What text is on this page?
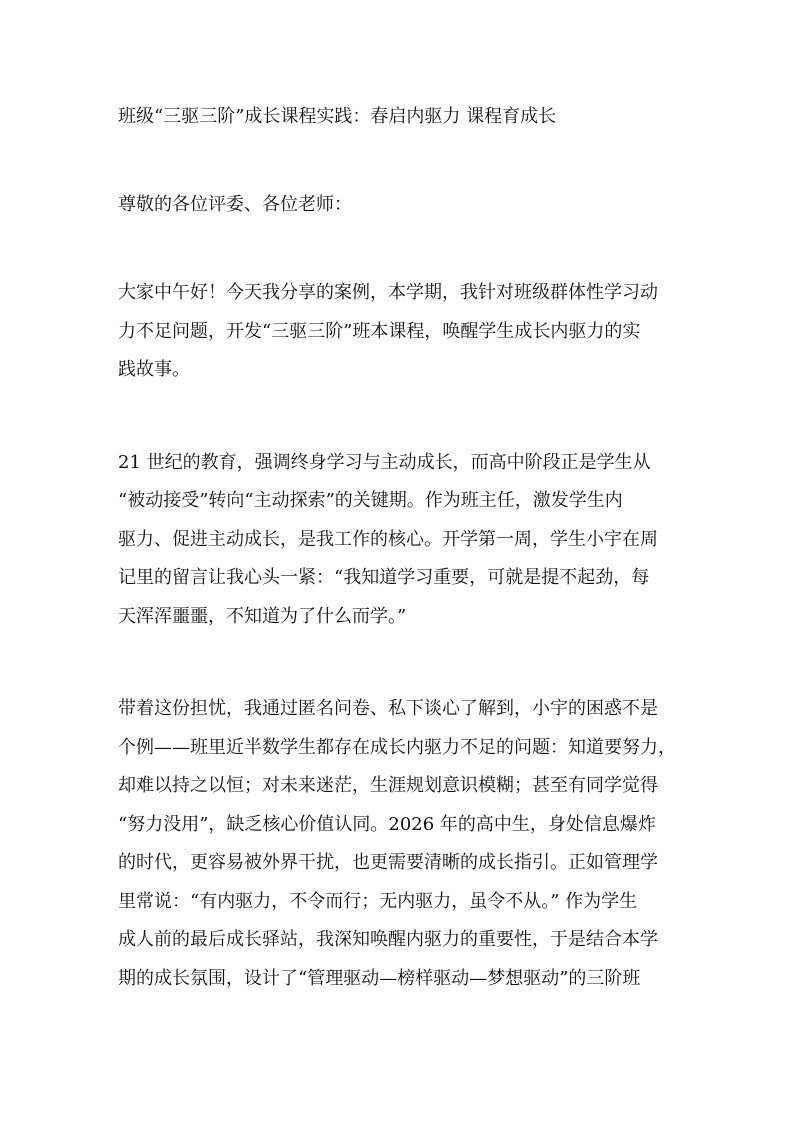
班级“三驱三阶”成长课程实践：春启内驱力 课程育成长

尊敬的各位评委、各位老师：

大家中午好！今天我分享的案例，本学期，我针对班级群体性学习动
力不足问题，开发“三驱三阶”班本课程，唤醒学生成长内驱力的实
践故事。
21 世纪的教育，强调终身学习与主动成长，而高中阶段正是学生从
“被动接受”转向“主动探索”的关键期。作为班主任，激发学生内
驱力、促进主动成长，是我工作的核心。开学第一周，学生小宇在周
记里的留言让我心头一紧：“我知道学习重要，可就是提不起劲，每
天浑浑噩噩，不知道为了什么而学。”
带着这份担忧，我通过匿名问卷、私下谈心了解到，小宇的困惑不是
个例——班里近半数学生都存在成长内驱力不足的问题：知道要努力，
却难以持之以恒；对未来迷茫，生涯规划意识模糊；甚至有同学觉得
“努力没用”，缺乏核心价值认同。2026 年的高中生，身处信息爆炸
的时代，更容易被外界干扰，也更需要清晰的成长指引。正如管理学
里常说：“有内驱力，不令而行；无内驱力，虽令不从。” 作为学生
成人前的最后成长驿站，我深知唤醒内驱力的重要性，于是结合本学
期的成长氛围，设计了“管理驱动—榜样驱动—梦想驱动”的三阶班
